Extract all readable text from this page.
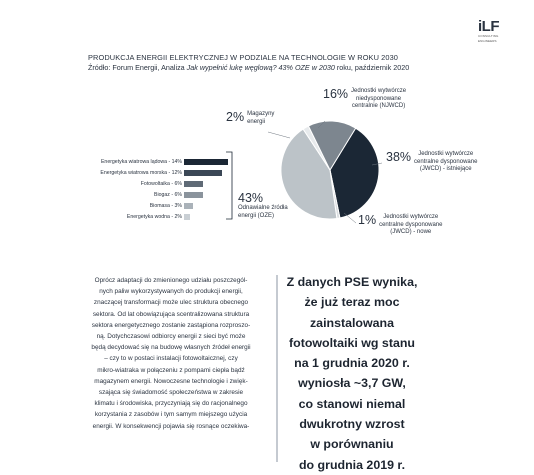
iLF
CONSULTING
ENGINEERS
PRODUKCJA ENERGII ELEKTRYCZNEJ W PODZIALE NA TECHNOLOGIE W ROKU 2030
Źródło: Forum Energii, Analiza Jak wypełnić lukę węglową? 43% OZE w 2030 roku, październik 2020
Energetyka wiatrowa lądowa - 14%
Energetyka wiatrowa morska - 12%
Fotowoltaika - 6%
Biogaz - 6%
Biomasa - 3%
Energetyka wodna - 2%
2% Magazyny
energii
16% Jednostki wytwórcze
niedysponowane
centralnie (NJWCD)
38% Jednostki wytwórcze
centralne dysponowane
(JWCD) - istniejące
1% Jednostki wytwórcze
centralne dysponowane
(JWCD) - nowe
43%
Odnawialne źródła
energii (OZE)

Oprócz adaptacji do zmienionego udziału poszczegól-

nych paliw wykorzystywanych do produkcji energii,

znaczącej transformacji może ulec struktura obecnego

sektora. Od lat obowiązująca scentralizowana struktura

sektora energetycznego zostanie zastąpiona rozproszo-

ną. Dotychczasowi odbiorcy energii z sieci być może

będą decydować się na budowę własnych źródeł energii

– czy to w postaci instalacji fotowoltaicznej, czy

mikro-wiatraka w połączeniu z pompami ciepła bądź

magazynem energii. Nowoczesne technologie i zwięk-

szająca się świadomość społeczeństwa w zakresie

klimatu i środowiska, przyczyniają się do racjonalnego

korzystania z zasobów i tym samym miejszego użycia

energii. W konsekwencji pojawia się rosnące oczekiwa-

Z danych PSE wynika,

że już teraz moc

zainstalowana

fotowoltaiki wg stanu

na 1 grudnia 2020 r.

wyniosła ~3,7 GW,

co stanowi niemal

dwukrotny wzrost

w porównaniu

do grudnia 2019 r.
